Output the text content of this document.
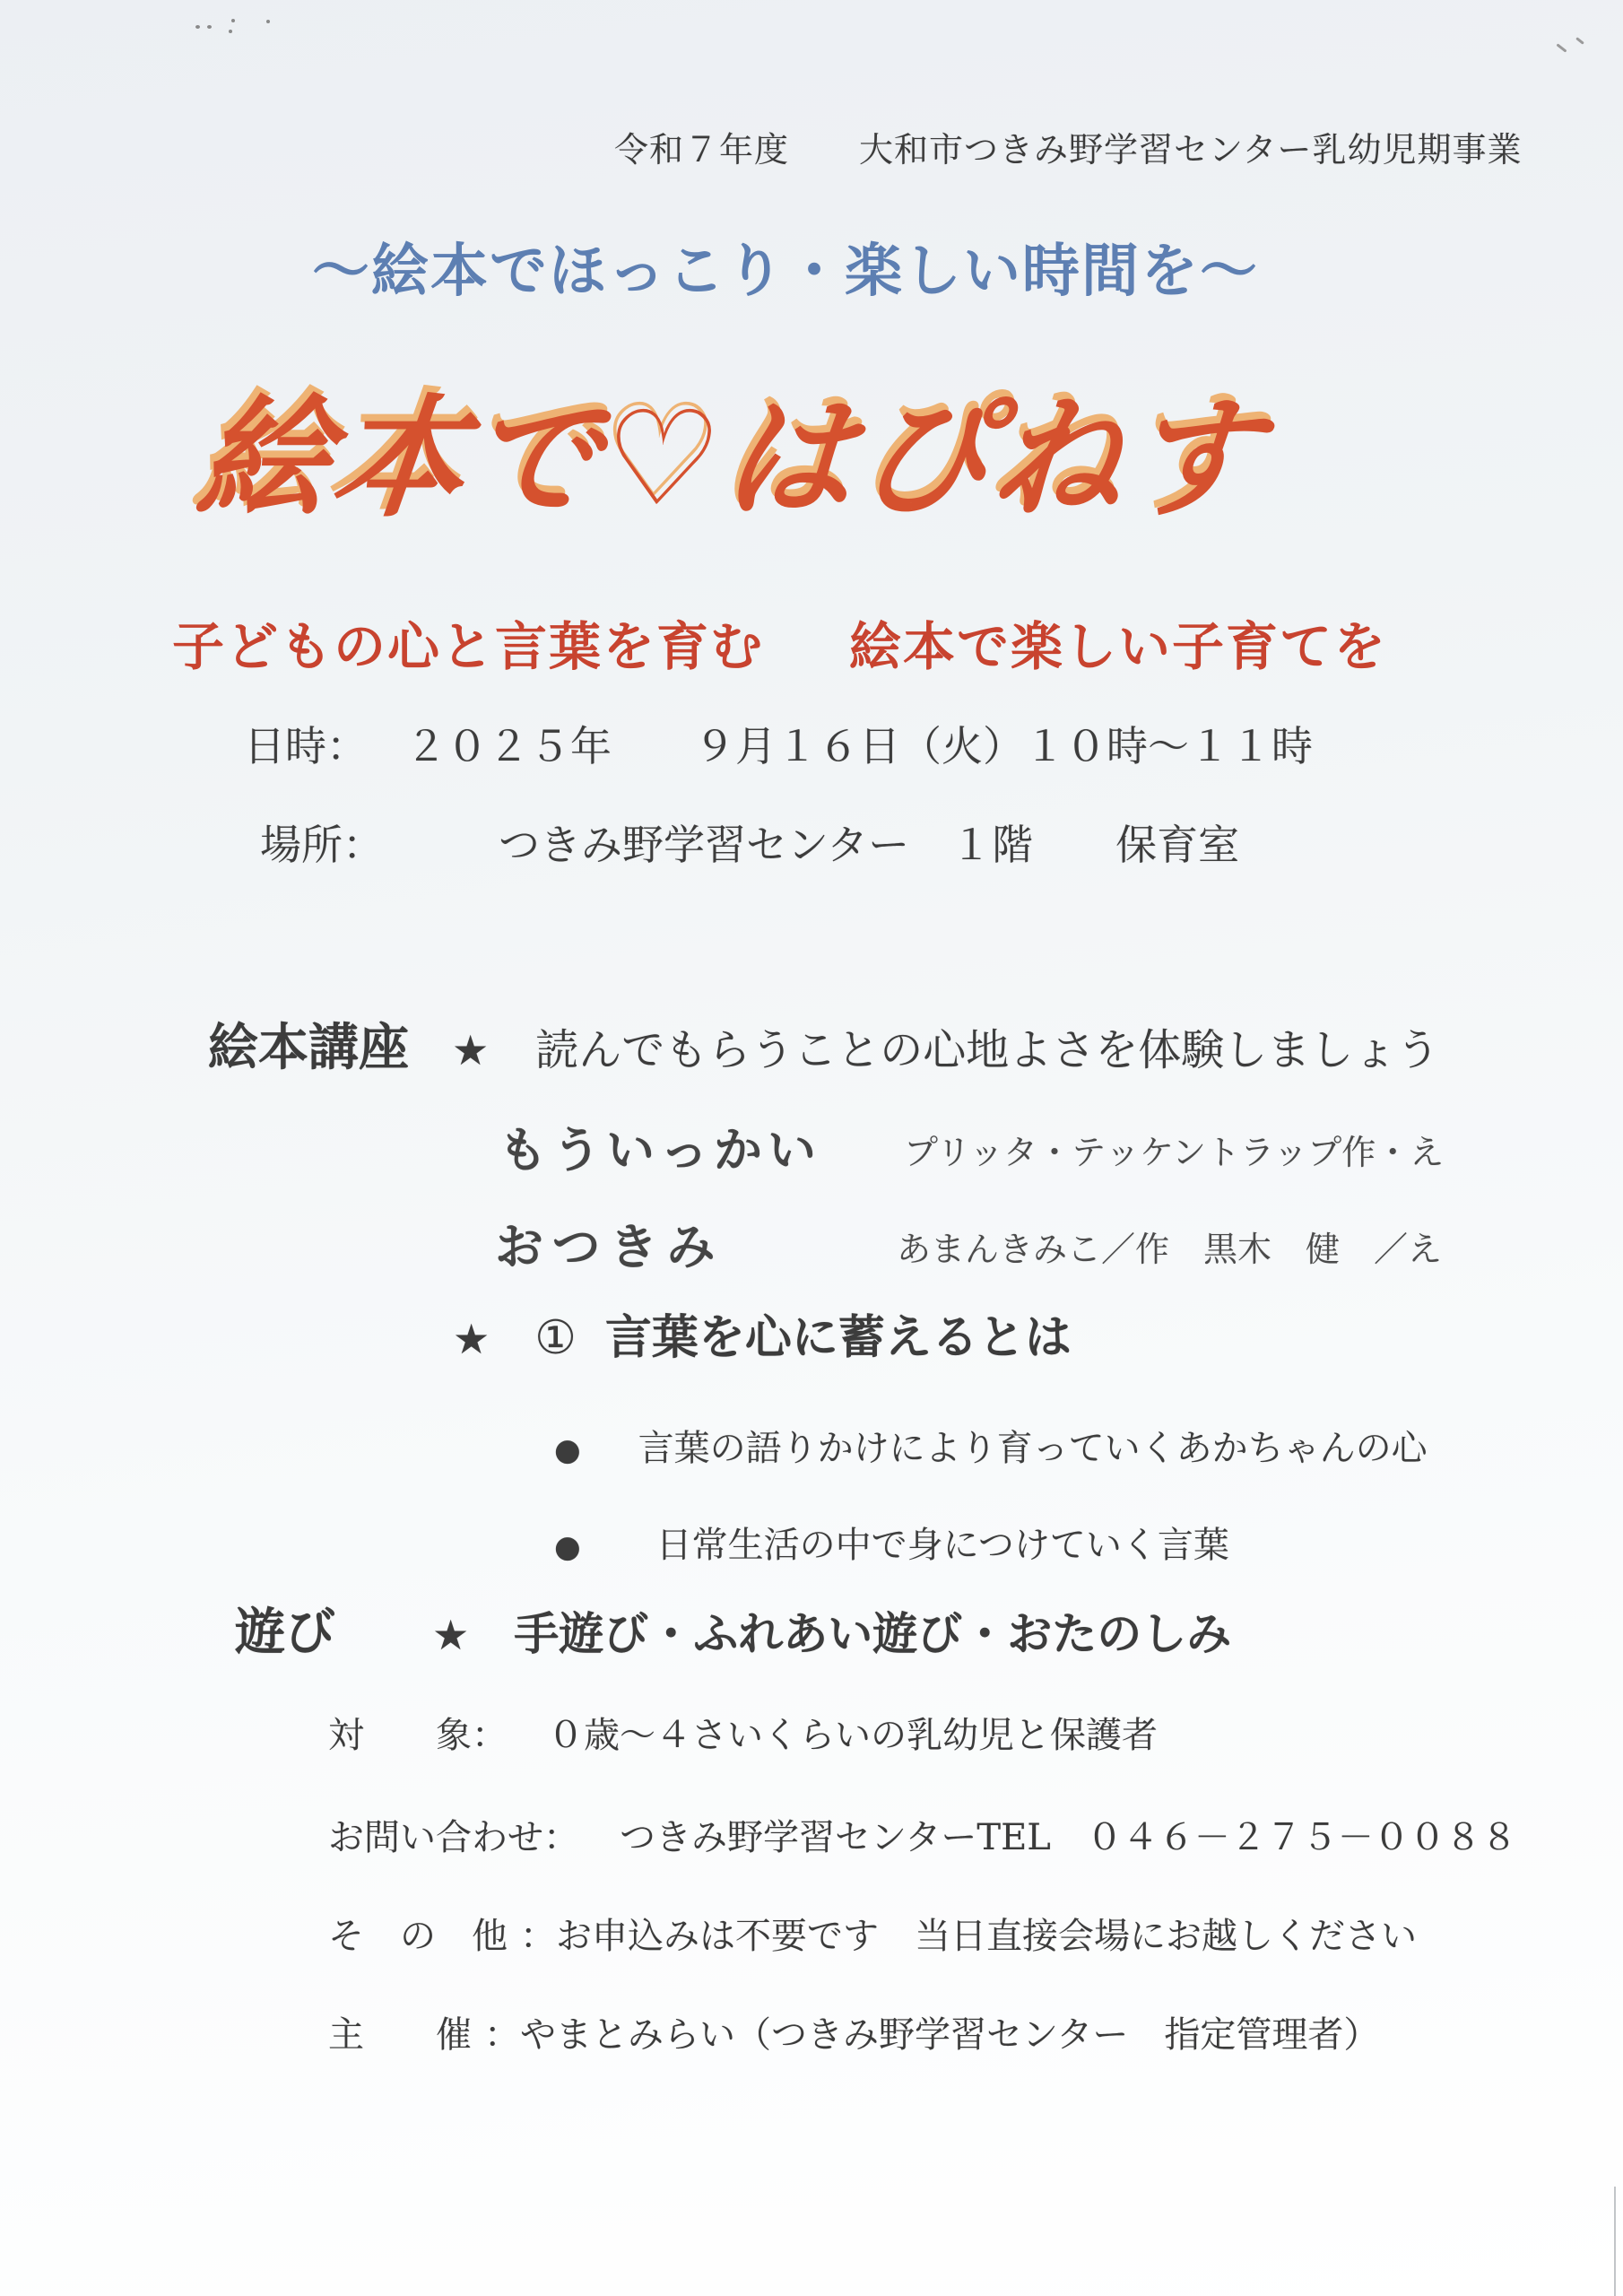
令和７年度　　大和市つきみ野学習センター乳幼児期事業
～絵本でほっこり・楽しい時間を～
絵本で♡はぴねす
子どもの心と言葉を育む 絵本で楽しい子育てを
日時： ２０２５年　　９月１６日（火）１０時～１１時
場所：	つきみ野学習センター　１階　　保育室
絵本講座 ★ 読んでもらうことの心地よさを体験しましょう
もういっかい プリッタ・テッケントラップ作・え
おつきみ	あまんきみこ／作　黒木　健　／え
★ ① 言葉を心に蓄えるとは
● 言葉の語りかけにより育っていくあかちゃんの心
● 日常生活の中で身につけていく言葉
遊び ★ 手遊び・ふれあい遊び・おたのしみ
対　　象： ０歳～４さいくらいの乳幼児と保護者
お問い合わせ： つきみ野学習センターTEL　０４６－２７５－００８８
そ　の　他 ：お申込みは不要です　当日直接会場にお越しください
主　　催 ：やまとみらい（つきみ野学習センター　指定管理者）
